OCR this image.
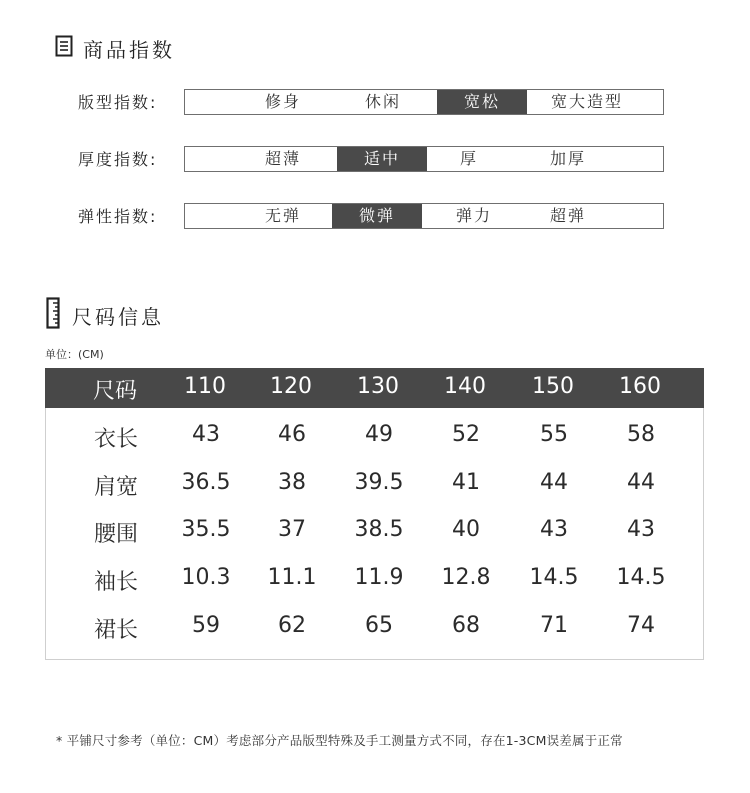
商品指数
版型指数:	修身	休闲	宽松	宽大造型
厚度指数:	超薄	适中	厚	加厚
弹性指数:	无弹	微弹	弹力	超弹
尺码信息
单位：(CM)
尺码	110	120	130	140	150	160
衣长	43	46	49	52	55	58
肩宽	36.5	38	39.5	41	44	44
腰围	35.5	37	38.5	40	43	43
袖长	10.3	11.1	11.9	12.8	14.5	14.5
裙长	59	62	65	68	71	74
* 平铺尺寸参考（单位：CM）考虑部分产品版型特殊及手工测量方式不同，存在1-3CM误差属于正常
